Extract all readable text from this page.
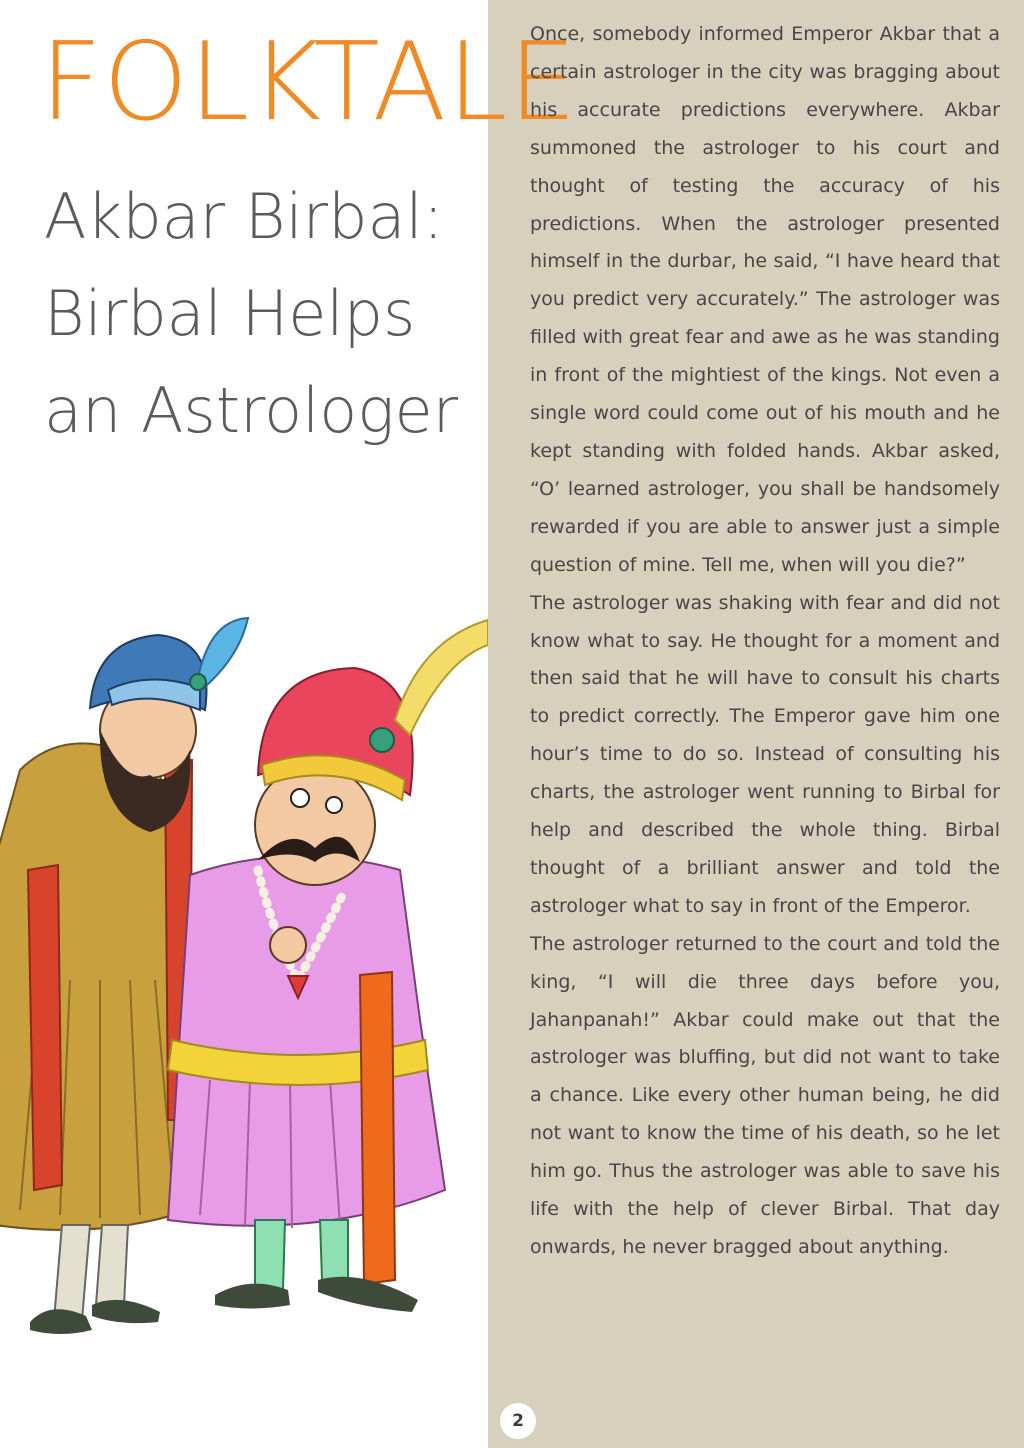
FOLKTALE
Akbar Birbal:
Birbal Helps
an Astrologer

Once, somebody informed Emperor Akbar that a certain astrologer in the city was bragging about his accurate predictions everywhere. Akbar summoned the astrologer to his court and thought of testing the accuracy of his predictions. When the astrologer presented himself in the durbar, he said, “I have heard that you predict very accurately.” The astrologer was filled with great fear and awe as he was standing in front of the mightiest of the kings. Not even a single word could come out of his mouth and he kept standing with folded hands. Akbar asked, “O’ learned astrologer, you shall be handsomely rewarded if you are able to answer just a simple question of mine. Tell me, when will you die?”

The astrologer was shaking with fear and did not know what to say. He thought for a moment and then said that he will have to consult his charts to predict correctly. The Emperor gave him one hour’s time to do so. Instead of consulting his charts, the astrologer went running to Birbal for help and described the whole thing. Birbal thought of a brilliant answer and told the astrologer what to say in front of the Emperor.

The astrologer returned to the court and told the king, “I will die three days before you, Jahanpanah!” Akbar could make out that the astrologer was bluffing, but did not want to take a chance. Like every other human being, he did not want to know the time of his death, so he let him go. Thus the astrologer was able to save his life with the help of clever Birbal. That day onwards, he never bragged about anything.

2
